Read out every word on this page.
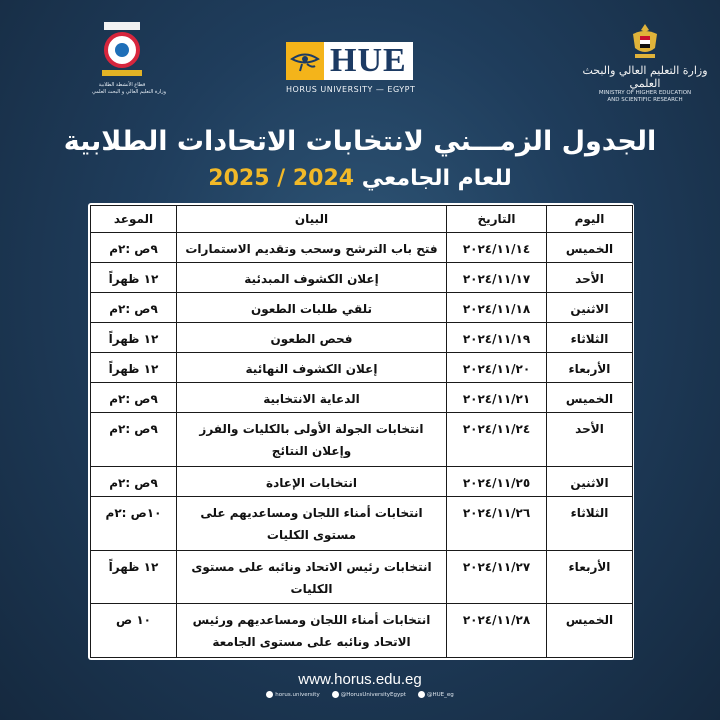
قطاع الأنشطة الطلابية
وزارة التعليم العالي و البحث العلمي
HUE
HORUS UNIVERSITY — EGYPT
وزارة التعليم العالي والبحث العلمي
MINISTRY OF HIGHER EDUCATION
AND SCIENTIFIC RESEARCH
الجدول الزمـــني لانتخابات الاتحادات الطلابية
للعام الجامعي 2025 / 2024
اليوم	التاريخ	البيان	الموعد
الخميس	٢٠٢٤/١١/١٤	فتح باب الترشح وسحب وتقديم الاستمارات	٩ص :٢م
الأحد	٢٠٢٤/١١/١٧	إعلان الكشوف المبدئية	١٢ ظهراً
الاثنين	٢٠٢٤/١١/١٨	تلقي طلبات الطعون	٩ص :٢م
الثلاثاء	٢٠٢٤/١١/١٩	فحص الطعون	١٢ ظهراً
الأربعاء	٢٠٢٤/١١/٢٠	إعلان الكشوف النهائية	١٢ ظهراً
الخميس	٢٠٢٤/١١/٢١	الدعاية الانتخابية	٩ص :٢م
الأحد	٢٠٢٤/١١/٢٤	انتخابات الجولة الأولى بالكليات والفرز وإعلان النتائج	٩ص :٢م
الاثنين	٢٠٢٤/١١/٢٥	انتخابات الإعادة	٩ص :٢م
الثلاثاء	٢٠٢٤/١١/٢٦	انتخابات أمناء اللجان ومساعديهم على مستوى الكليات	١٠ص :٢م
الأربعاء	٢٠٢٤/١١/٢٧	انتخابات رئيس الاتحاد ونائبه على مستوى الكليات	١٢ ظهراً
الخميس	٢٠٢٤/١١/٢٨	انتخابات أمناء اللجان ومساعديهم ورئيس الاتحاد ونائبه على مستوى الجامعة	١٠ ص
www.horus.edu.eg
horus.university	@HorusUniversityEgypt	@HUE_eg
